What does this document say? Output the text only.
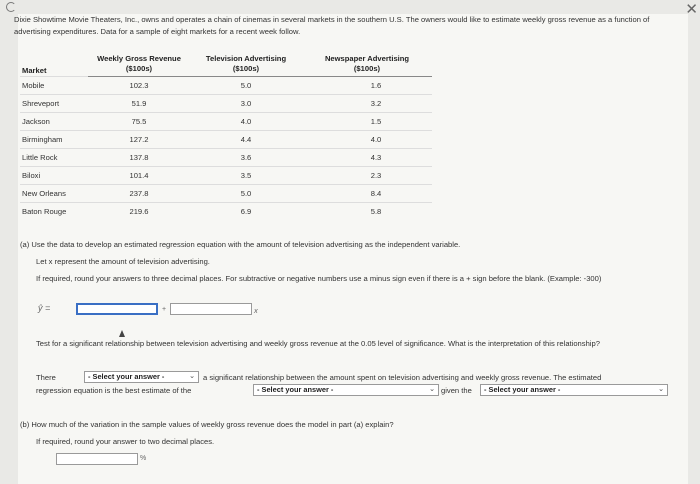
✕
Dixie Showtime Movie Theaters, Inc., owns and operates a chain of cinemas in several markets in the southern U.S. The owners would like to estimate weekly gross revenue as a function of advertising expenditures. Data for a sample of eight markets for a recent week follow.
Market	Weekly Gross Revenue	Television Advertising	Newspaper Advertising
	($100s)	($100s)	($100s)
Mobile	102.3	5.0	1.6
Shreveport	51.9	3.0	3.2
Jackson	75.5	4.0	1.5
Birmingham	127.2	4.4	4.0
Little Rock	137.8	3.6	4.3
Biloxi	101.4	3.5	2.3
New Orleans	237.8	5.0	8.4
Baton Rouge	219.6	6.9	5.8
(a) Use the data to develop an estimated regression equation with the amount of television advertising as the independent variable.
Let x represent the amount of television advertising.
If required, round your answers to three decimal places. For subtractive or negative numbers use a minus sign even if there is a + sign before the blank. (Example: -300)
ŷ =	+	x
Test for a significant relationship between television advertising and weekly gross revenue at the 0.05 level of significance. What is the interpretation of this relationship?
There	- Select your answer -	⌄ a significant relationship between the amount spent on television advertising and weekly gross revenue. The estimated
regression equation is the best estimate of the	- Select your answer -	⌄ given the	- Select your answer -	⌄
(b) How much of the variation in the sample values of weekly gross revenue does the model in part (a) explain?
If required, round your answer to two decimal places.
%
